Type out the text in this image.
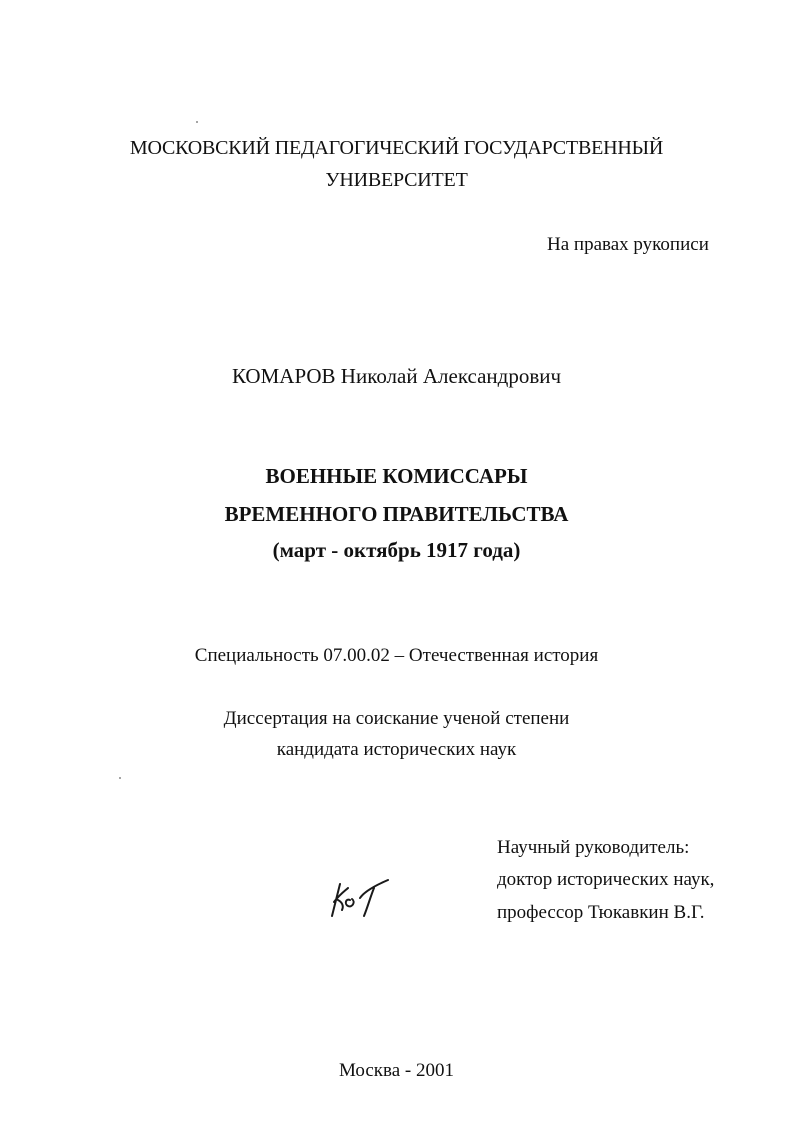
МОСКОВСКИЙ ПЕДАГОГИЧЕСКИЙ ГОСУДАРСТВЕННЫЙ
УНИВЕРСИТЕТ
На правах рукописи
КОМАРОВ Николай Александрович
ВОЕННЫЕ КОМИССАРЫ
ВРЕМЕННОГО ПРАВИТЕЛЬСТВА
(март - октябрь 1917 года)
Специальность 07.00.02 – Отечественная история
Диссертация на соискание ученой степени
кандидата исторических наук
Научный руководитель:
доктор исторических наук,
профессор Тюкавкин В.Г.
Москва - 2001
